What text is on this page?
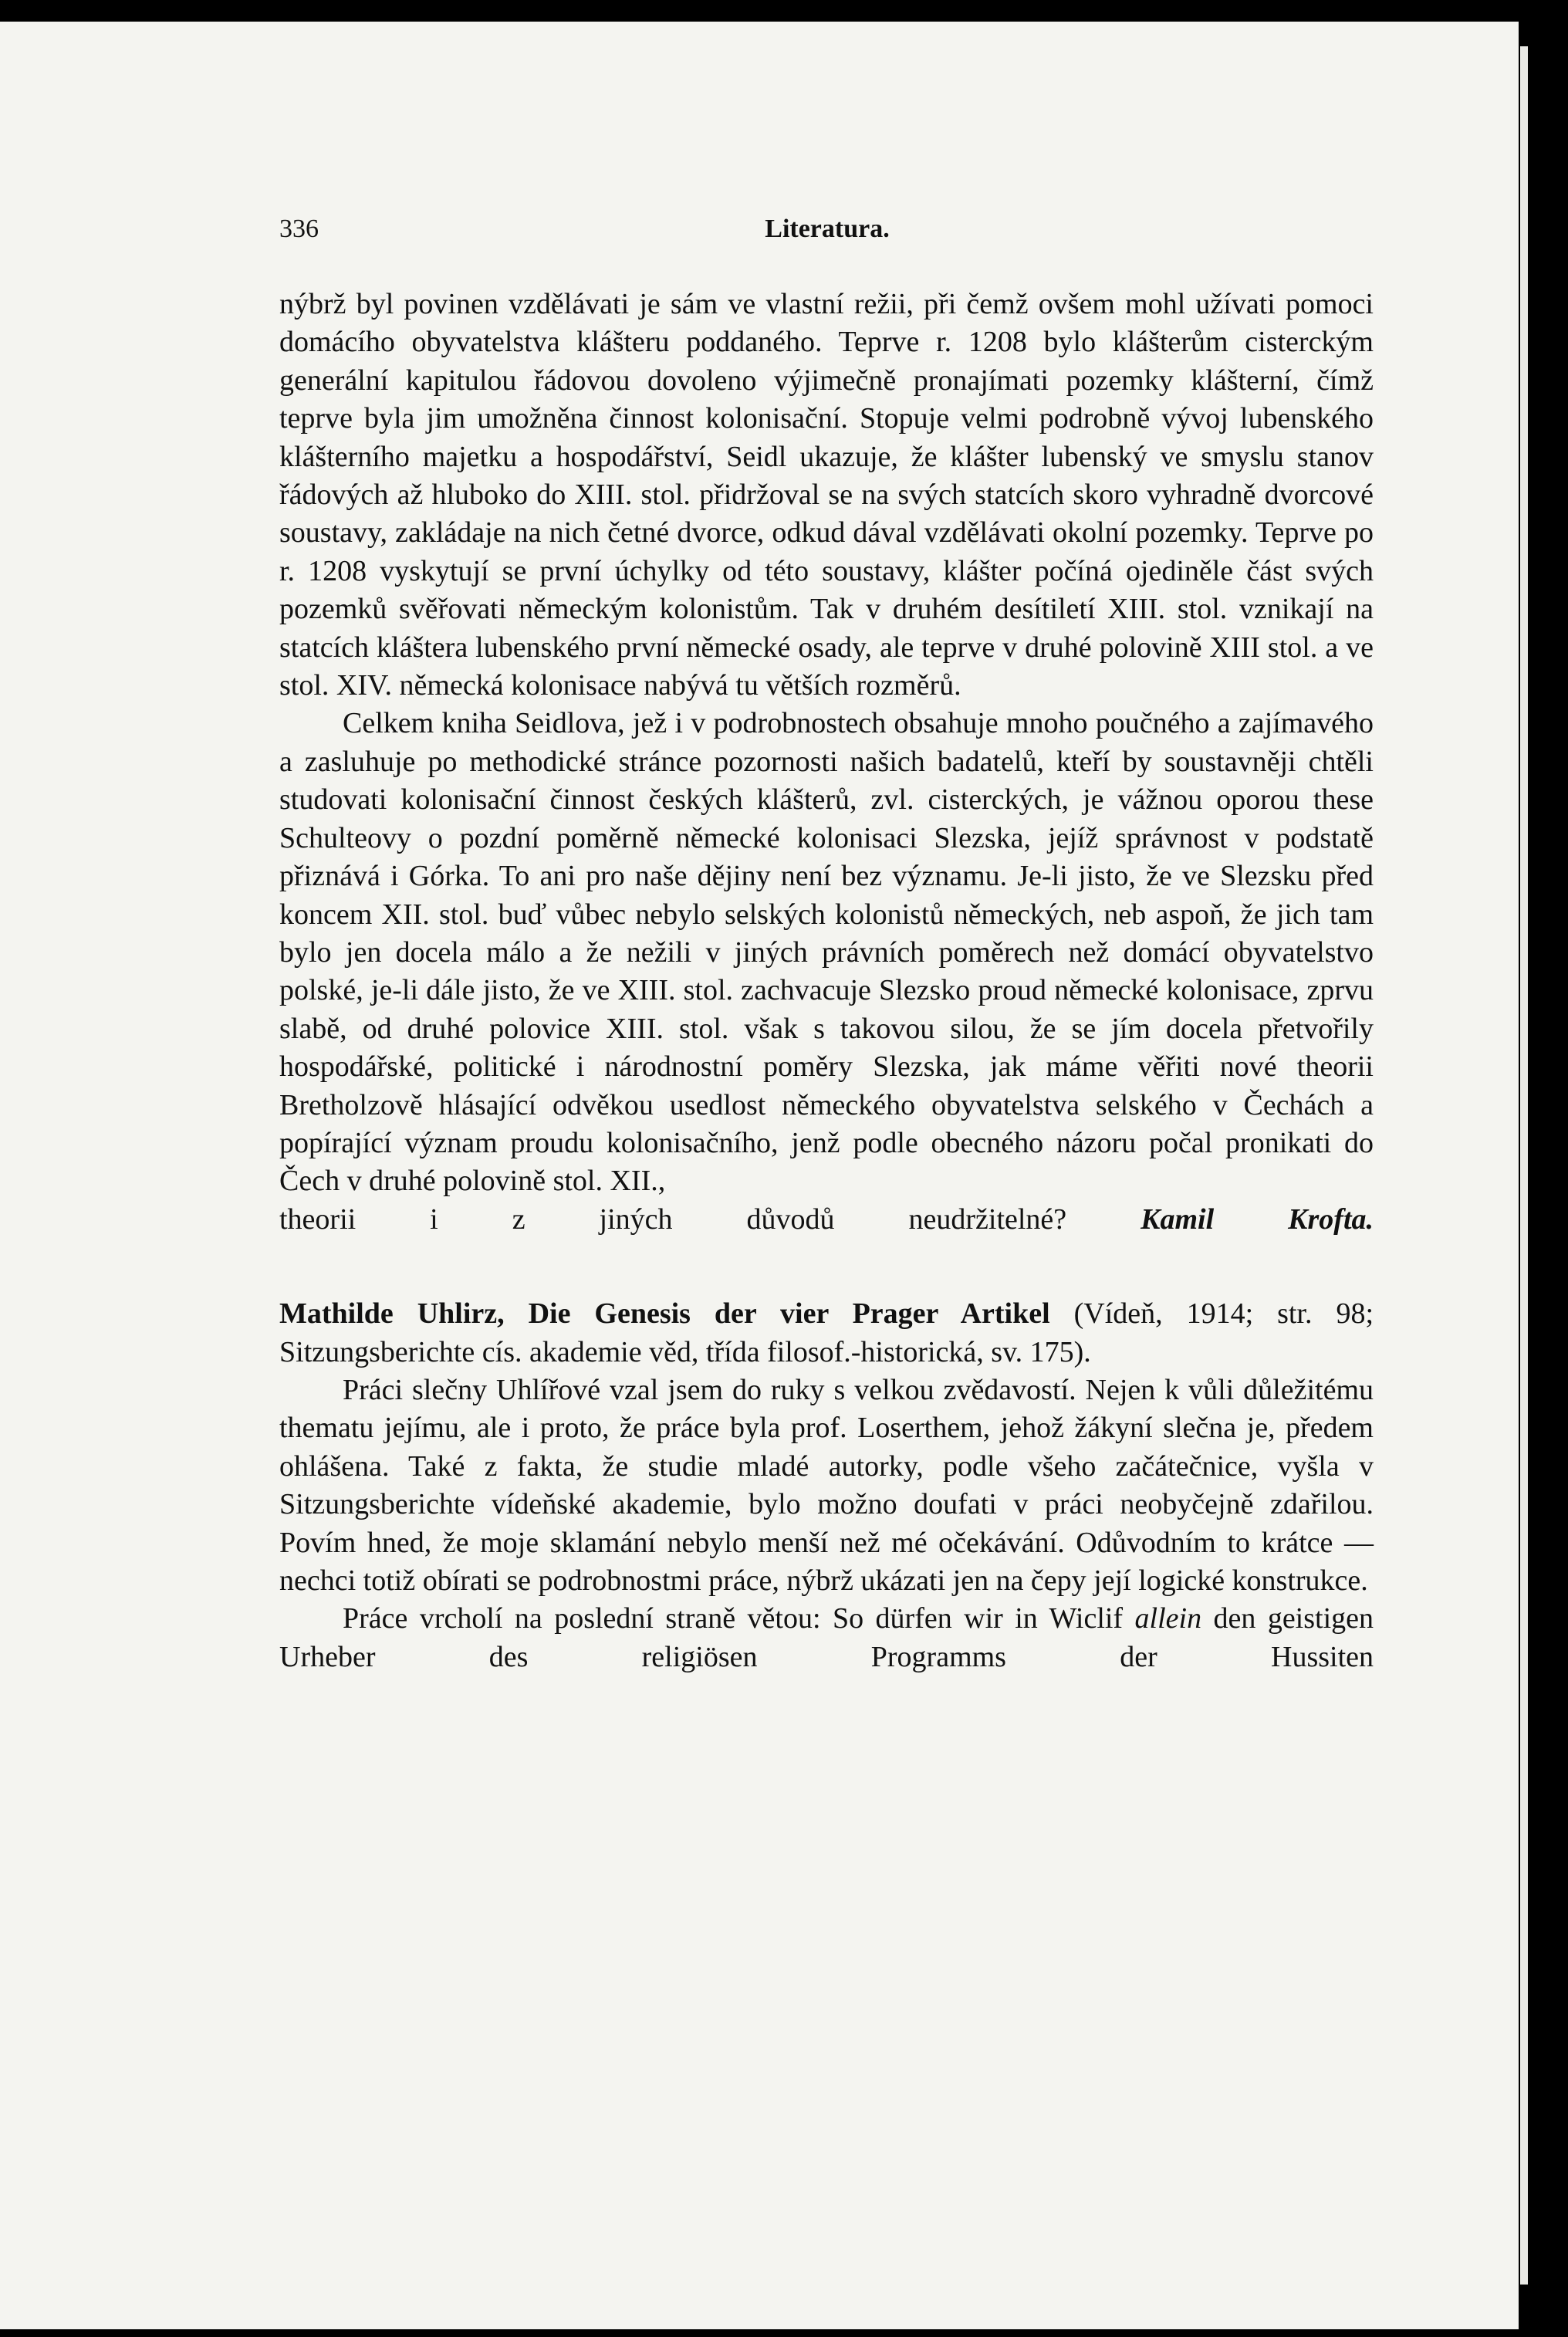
336	Literatura.

nýbrž byl povinen vzdělávati je sám ve vlastní režii, při čemž ovšem mohl užívati pomoci domácího obyvatelstva klášteru poddaného. Teprve r. 1208 bylo klášterům cisterckým generální kapitulou řádovou dovoleno výjimečně pronajímati pozemky klášterní, čímž teprve byla jim umožněna činnost kolonisační. Stopuje velmi podrobně vývoj lubenského klášterního majetku a hospodářství, Seidl ukazuje, že klášter lubenský ve smyslu stanov řádových až hluboko do XIII. stol. přidržoval se na svých statcích skoro vyhradně dvorcové soustavy, zakládaje na nich četné dvorce, odkud dával vzdělávati okolní pozemky. Teprve po r. 1208 vyskytují se první úchylky od této soustavy, klášter počíná ojediněle část svých pozemků svěřovati německým kolonistům. Tak v druhém desítiletí XIII. stol. vznikají na statcích kláštera lubenského první německé osady, ale teprve v druhé polovině XIII stol. a ve stol. XIV. německá kolonisace nabývá tu větších rozměrů.

Celkem kniha Seidlova, jež i v podrobnostech obsahuje mnoho poučného a zajímavého a zasluhuje po methodické stránce pozornosti našich badatelů, kteří by soustavněji chtěli studovati kolonisační činnost českých klášterů, zvl. cisterckých, je vážnou oporou these Schulteovy o pozdní poměrně německé kolonisaci Slezska, jejíž správnost v podstatě přiznává i Górka. To ani pro naše dějiny není bez významu. Je-li jisto, že ve Slezsku před koncem XII. stol. buď vůbec nebylo selských kolonistů německých, neb aspoň, že jich tam bylo jen docela málo a že nežili v jiných právních poměrech než domácí obyvatelstvo polské, je-li dále jisto, že ve XIII. stol. zachvacuje Slezsko proud německé kolonisace, zprvu slabě, od druhé polovice XIII. stol. však s takovou silou, že se jím docela přetvořily hospodářské, politické i národnostní poměry Slezska, jak máme věřiti nové theorii Bretholzově hlásající odvěkou usedlost německého obyvatelstva selského v Čechách a popírající význam proudu kolonisačního, jenž podle obecného názoru počal pronikati do Čech v druhé polovině stol. XII.,

theorii i z jiných důvodů neudržitelné?	Kamil Krofta.

Mathilde Uhlirz, Die Genesis der vier Prager Artikel (Vídeň, 1914; str. 98; Sitzungsberichte cís. akademie věd, třída filosof.-historická, sv. 175).

Práci slečny Uhlířové vzal jsem do ruky s velkou zvědavostí. Nejen k vůli důležitému thematu jejímu, ale i proto, že práce byla prof. Loserthem, jehož žákyní slečna je, předem ohlášena. Také z fakta, že studie mladé autorky, podle všeho začátečnice, vyšla v Sitzungsberichte vídeňské akademie, bylo možno doufati v práci neobyčejně zdařilou. Povím hned, že moje sklamání nebylo menší než mé očekávání. Odůvodním to krátce — nechci totiž obírati se podrobnostmi práce, nýbrž ukázati jen na čepy její logické konstrukce.

Práce vrcholí na poslední straně větou: So dürfen wir in Wiclif allein den geistigen Urheber des religiösen Programms der Hussiten
